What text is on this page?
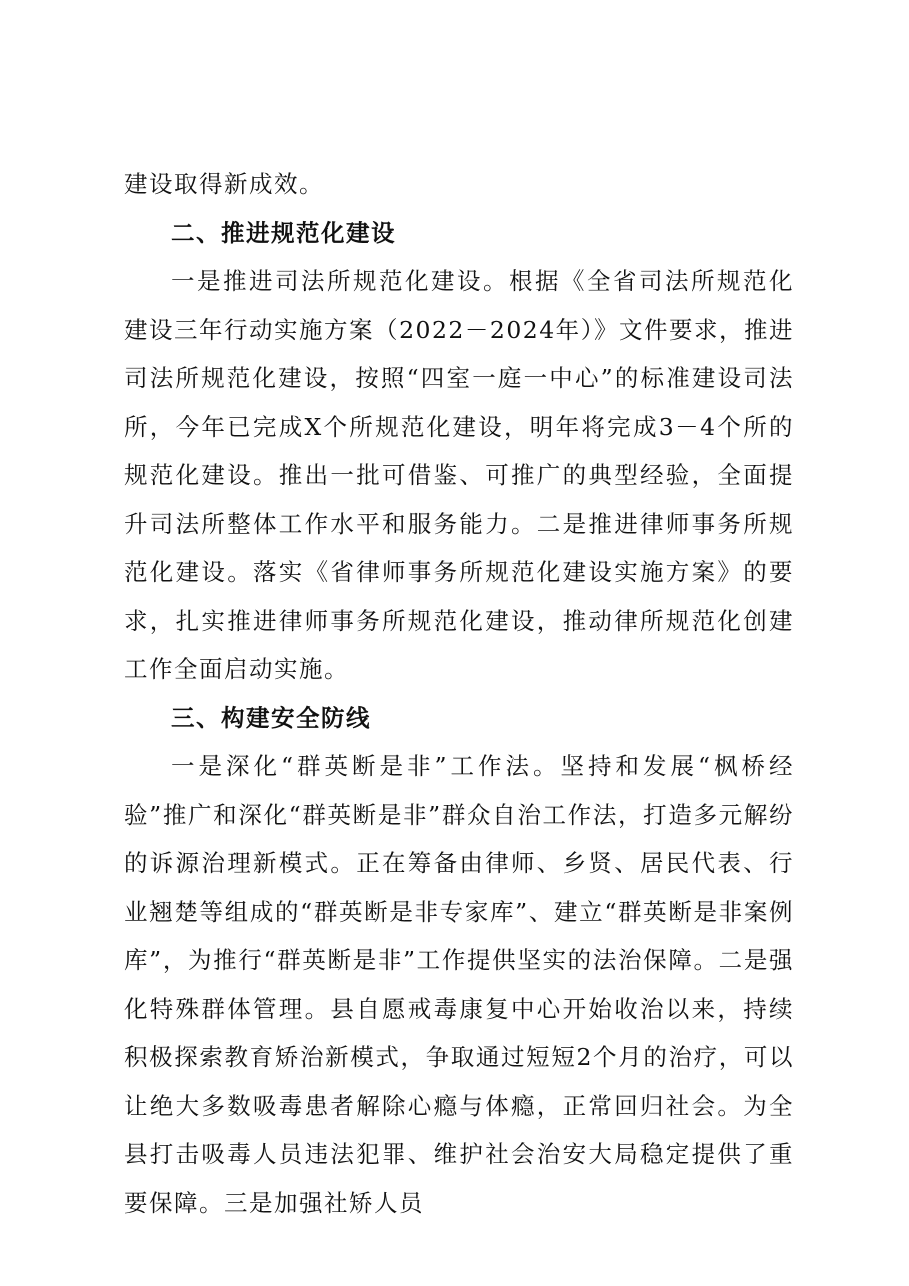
建设取得新成效。

二、推进规范化建设

一是推进司法所规范化建设。根据《全省司法所规范化建设三年行动实施方案（2022－2024年）》文件要求，推进司法所规范化建设，按照“四室一庭一中心”的标准建设司法所，今年已完成X个所规范化建设，明年将完成3－4个所的规范化建设。推出一批可借鉴、可推广的典型经验，全面提升司法所整体工作水平和服务能力。二是推进律师事务所规范化建设。落实《省律师事务所规范化建设实施方案》的要求，扎实推进律师事务所规范化建设，推动律所规范化创建工作全面启动实施。

三、构建安全防线

一是深化“群英断是非”工作法。坚持和发展“枫桥经验”推广和深化“群英断是非”群众自治工作法，打造多元解纷的诉源治理新模式。正在筹备由律师、乡贤、居民代表、行业翘楚等组成的“群英断是非专家库”、建立“群英断是非案例库”，为推行“群英断是非”工作提供坚实的法治保障。二是强化特殊群体管理。县自愿戒毒康复中心开始收治以来，持续积极探索教育矫治新模式，争取通过短短2个月的治疗，可以让绝大多数吸毒患者解除心瘾与体瘾，正常回归社会。为全县打击吸毒人员违法犯罪、维护社会治安大局稳定提供了重要保障。三是加强社矫人员
